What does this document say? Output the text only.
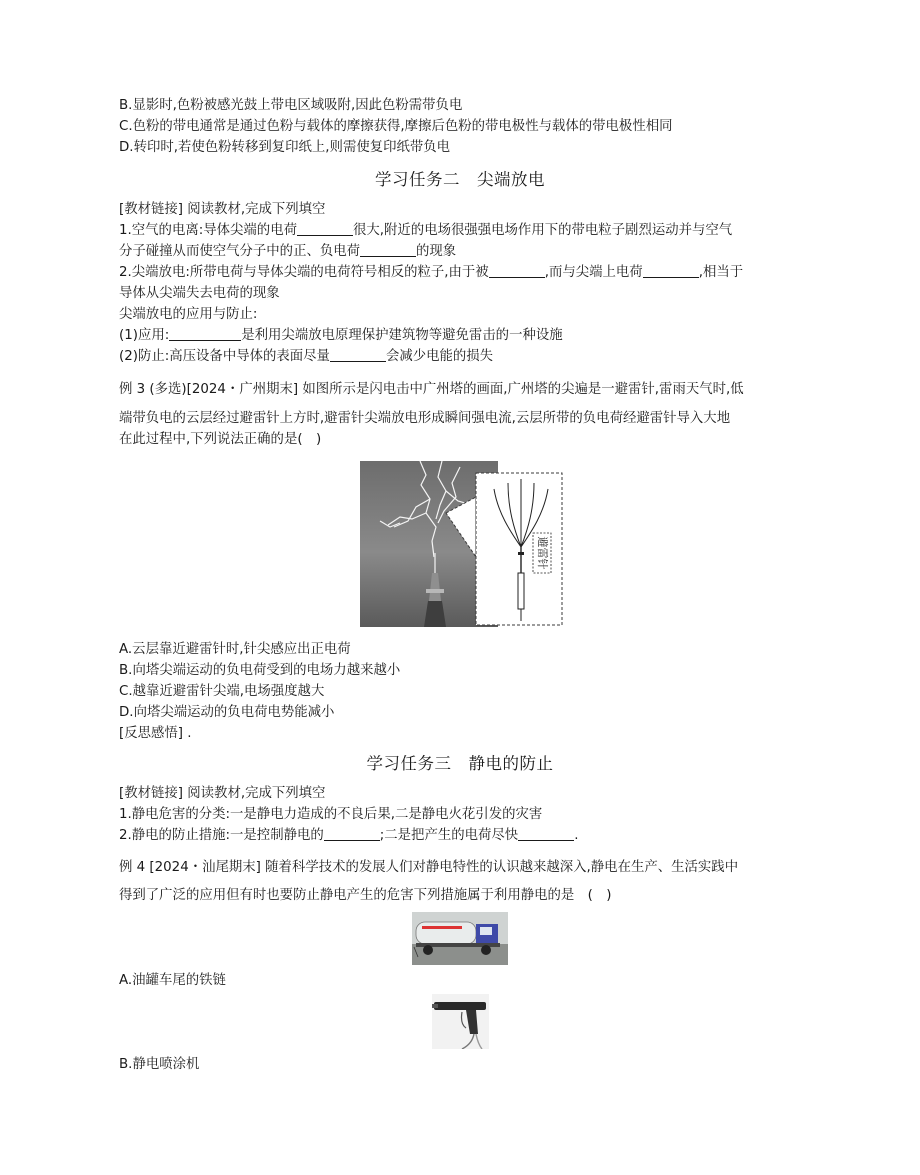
B.显影时,色粉被感光鼓上带电区域吸附,因此色粉需带负电
C.色粉的带电通常是通过色粉与载体的摩擦获得,摩擦后色粉的带电极性与载体的带电极性相同
D.转印时,若使色粉转移到复印纸上,则需使复印纸带负电
学习任务二　尖端放电
[教材链接] 阅读教材,完成下列填空
1.空气的电离:导体尖端的电荷	很大,附近的电场很强强电场作用下的带电粒子剧烈运动并与空气
分子碰撞从而使空气分子中的正、负电荷	的现象
2.尖端放电:所带电荷与导体尖端的电荷符号相反的粒子,由于被	,而与尖端上电荷	,相当于
导体从尖端失去电荷的现象
尖端放电的应用与防止:
(1)应用:	是利用尖端放电原理保护建筑物等避免雷击的一种设施
(2)防止:高压设备中导体的表面尽量	会减少电能的损失
例 3 (多选)[2024・广州期末] 如图所示是闪电击中广州塔的画面,广州塔的尖遍是一避雷针,雷雨天气时,低
端带负电的云层经过避雷针上方时,避雷针尖端放电形成瞬间强电流,云层所带的负电荷经避雷针导入大地
在此过程中,下列说法正确的是(　)
避雷针
A.云层靠近避雷针时,针尖感应出正电荷
B.向塔尖端运动的负电荷受到的电场力越来越小
C.越靠近避雷针尖端,电场强度越大
D.向塔尖端运动的负电荷电势能减小
[反思感悟] .
学习任务三　静电的防止
[教材链接] 阅读教材,完成下列填空
1.静电危害的分类:一是静电力造成的不良后果,二是静电火花引发的灾害
2.静电的防止措施:一是控制静电的	;二是把产生的电荷尽快	.
例 4 [2024・汕尾期末] 随着科学技术的发展人们对静电特性的认识越来越深入,静电在生产、生活实践中
得到了广泛的应用但有时也要防止静电产生的危害下列措施属于利用静电的是　(　)
A.油罐车尾的铁链
B.静电喷涂机
